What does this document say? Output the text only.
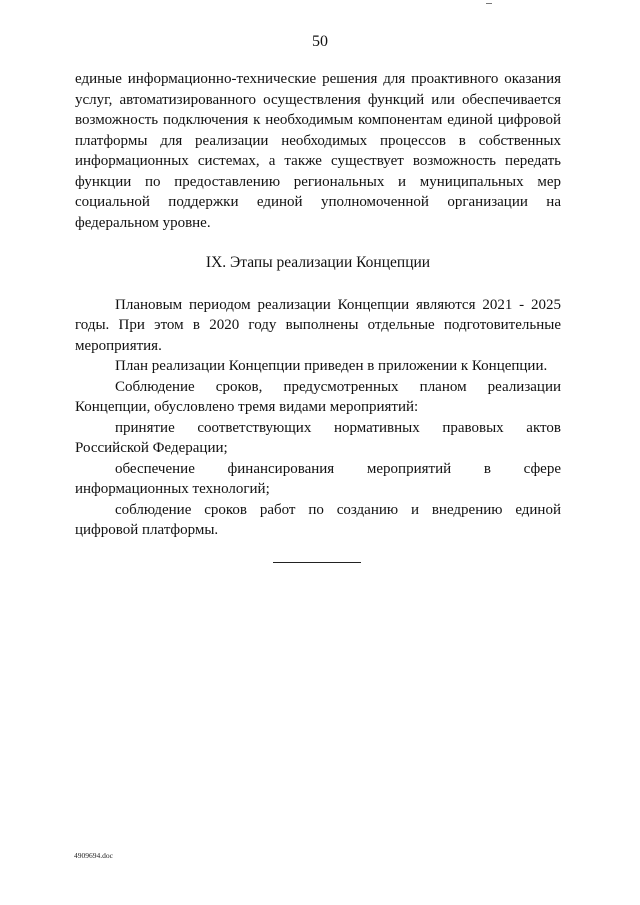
50

единые информационно-технические решения для проактивного оказания услуг, автоматизированного осуществления функций или обеспечивается возможность подключения к необходимым компонентам единой цифровой платформы для реализации необходимых процессов в собственных информационных системах, а также существует возможность передать функции по предоставлению региональных и муниципальных мер социальной поддержки единой уполномоченной организации на федеральном уровне.

IX. Этапы реализации Концепции

Плановым периодом реализации Концепции являются 2021 - 2025 годы. При этом в 2020 году выполнены отдельные подготовительные мероприятия.

План реализации Концепции приведен в приложении к Концепции.

Соблюдение сроков, предусмотренных планом реализации Концепции, обусловлено тремя видами мероприятий:

принятие соответствующих нормативных правовых актов Российской Федерации;

обеспечение финансирования мероприятий в сфере информационных технологий;

соблюдение сроков работ по созданию и внедрению единой цифровой платформы.

4909694.doc
